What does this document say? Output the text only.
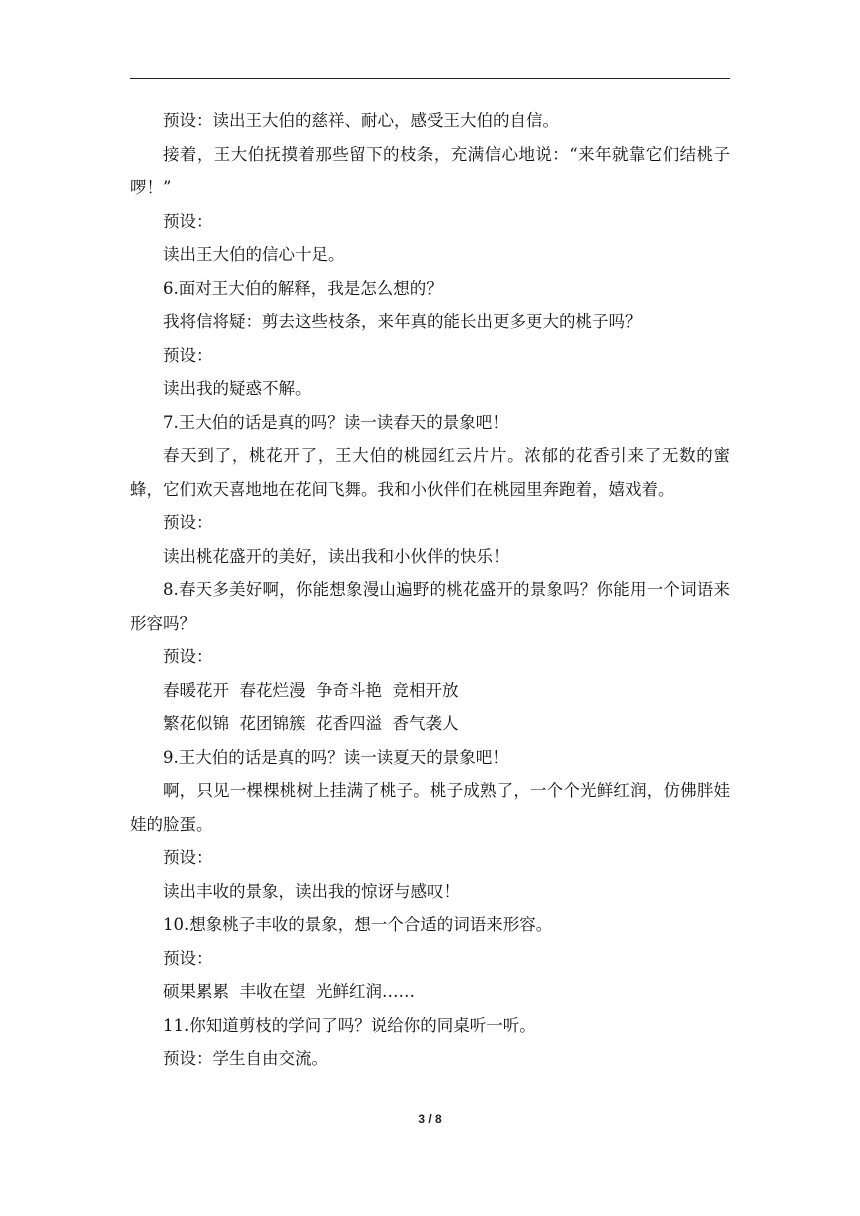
预设：读出王大伯的慈祥、耐心，感受王大伯的自信。

接着，王大伯抚摸着那些留下的枝条，充满信心地说：“来年就靠它们结桃子啰！”

预设：

读出王大伯的信心十足。

6.面对王大伯的解释，我是怎么想的？

我将信将疑：剪去这些枝条，来年真的能长出更多更大的桃子吗？

预设：

读出我的疑惑不解。

7.王大伯的话是真的吗？读一读春天的景象吧！

春天到了，桃花开了，王大伯的桃园红云片片。浓郁的花香引来了无数的蜜蜂，它们欢天喜地地在花间飞舞。我和小伙伴们在桃园里奔跑着，嬉戏着。

预设：

读出桃花盛开的美好，读出我和小伙伴的快乐！

8.春天多美好啊，你能想象漫山遍野的桃花盛开的景象吗？你能用一个词语来形容吗？

预设：

春暖花开  春花烂漫  争奇斗艳  竞相开放

繁花似锦  花团锦簇  花香四溢  香气袭人

9.王大伯的话是真的吗？读一读夏天的景象吧！

啊，只见一棵棵桃树上挂满了桃子。桃子成熟了，一个个光鲜红润，仿佛胖娃娃的脸蛋。

预设：

读出丰收的景象，读出我的惊讶与感叹！

10.想象桃子丰收的景象，想一个合适的词语来形容。

预设：

硕果累累  丰收在望  光鲜红润……

11.你知道剪枝的学问了吗？说给你的同桌听一听。

预设：学生自由交流。

3 / 8
